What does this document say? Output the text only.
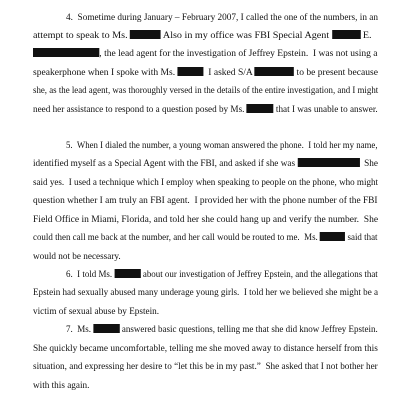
4.  Sometime during January – February 2007, I called the one of the numbers, in an
attempt to speak to Ms.	Also in my office was FBI Special Agent	E.
, the lead agent for the investigation of Jeffrey Epstein.  I was not using a
speakerphone when I spoke with Ms.	I asked S/A	to be present because
she, as the lead agent, was thoroughly versed in the details of the entire investigation, and I might
need her assistance to respond to a question posed by Ms.	that I was unable to answer.
5.  When I dialed the number, a young woman answered the phone.  I told her my name,
identified myself as a Special Agent with the FBI, and asked if she was	She
said yes.  I used a technique which I employ when speaking to people on the phone, who might
question whether I am truly an FBI agent.  I provided her with the phone number of the FBI
Field Office in Miami, Florida, and told her she could hang up and verify the number.  She
could then call me back at the number, and her call would be routed to me.  Ms.	said that
would not be necessary.
6.  I told Ms.	about our investigation of Jeffrey Epstein, and the allegations that
Epstein had sexually abused many underage young girls.  I told her we believed she might be a
victim of sexual abuse by Epstein.
7.  Ms.	answered basic questions, telling me that she did know Jeffrey Epstein.
She quickly became uncomfortable, telling me she moved away to distance herself from this
situation, and expressing her desire to “let this be in my past.”  She asked that I not bother her
with this again.
